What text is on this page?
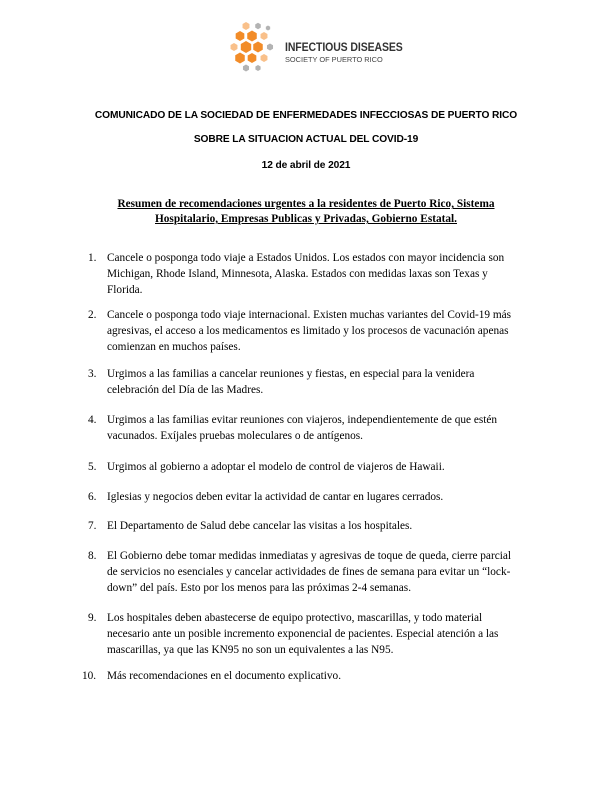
INFECTIOUS DISEASES
SOCIETY OF PUERTO RICO
COMUNICADO DE LA SOCIEDAD DE ENFERMEDADES INFECCIOSAS DE PUERTO RICO
SOBRE LA SITUACION ACTUAL DEL COVID-19
12 de abril de 2021
Resumen de recomendaciones urgentes a la residentes de Puerto Rico, Sistema
Hospitalario, Empresas Publicas y Privadas, Gobierno Estatal.
1. Cancele o posponga todo viaje a Estados Unidos. Los estados con mayor incidencia son
Michigan, Rhode Island, Minnesota, Alaska. Estados con medidas laxas son Texas y
Florida.
2. Cancele o posponga todo viaje internacional. Existen muchas variantes del Covid-19 más
agresivas, el acceso a los medicamentos es limitado y los procesos de vacunación apenas
comienzan en muchos países.
3. Urgimos a las familias a cancelar reuniones y fiestas, en especial para la venidera
celebración del Día de las Madres.
4. Urgimos a las familias evitar reuniones con viajeros, independientemente de que estén
vacunados. Exíjales pruebas moleculares o de antígenos.
5. Urgimos al gobierno a adoptar el modelo de control de viajeros de Hawaii.
6. Iglesias y negocios deben evitar la actividad de cantar en lugares cerrados.
7. El Departamento de Salud debe cancelar las visitas a los hospitales.
8. El Gobierno debe tomar medidas inmediatas y agresivas de toque de queda, cierre parcial
de servicios no esenciales y cancelar actividades de fines de semana para evitar un “lock-
down” del país. Esto por los menos para las próximas 2-4 semanas.
9. Los hospitales deben abastecerse de equipo protectivo, mascarillas, y todo material
necesario ante un posible incremento exponencial de pacientes. Especial atención a las
mascarillas, ya que las KN95 no son un equivalentes a las N95.
10. Más recomendaciones en el documento explicativo.
